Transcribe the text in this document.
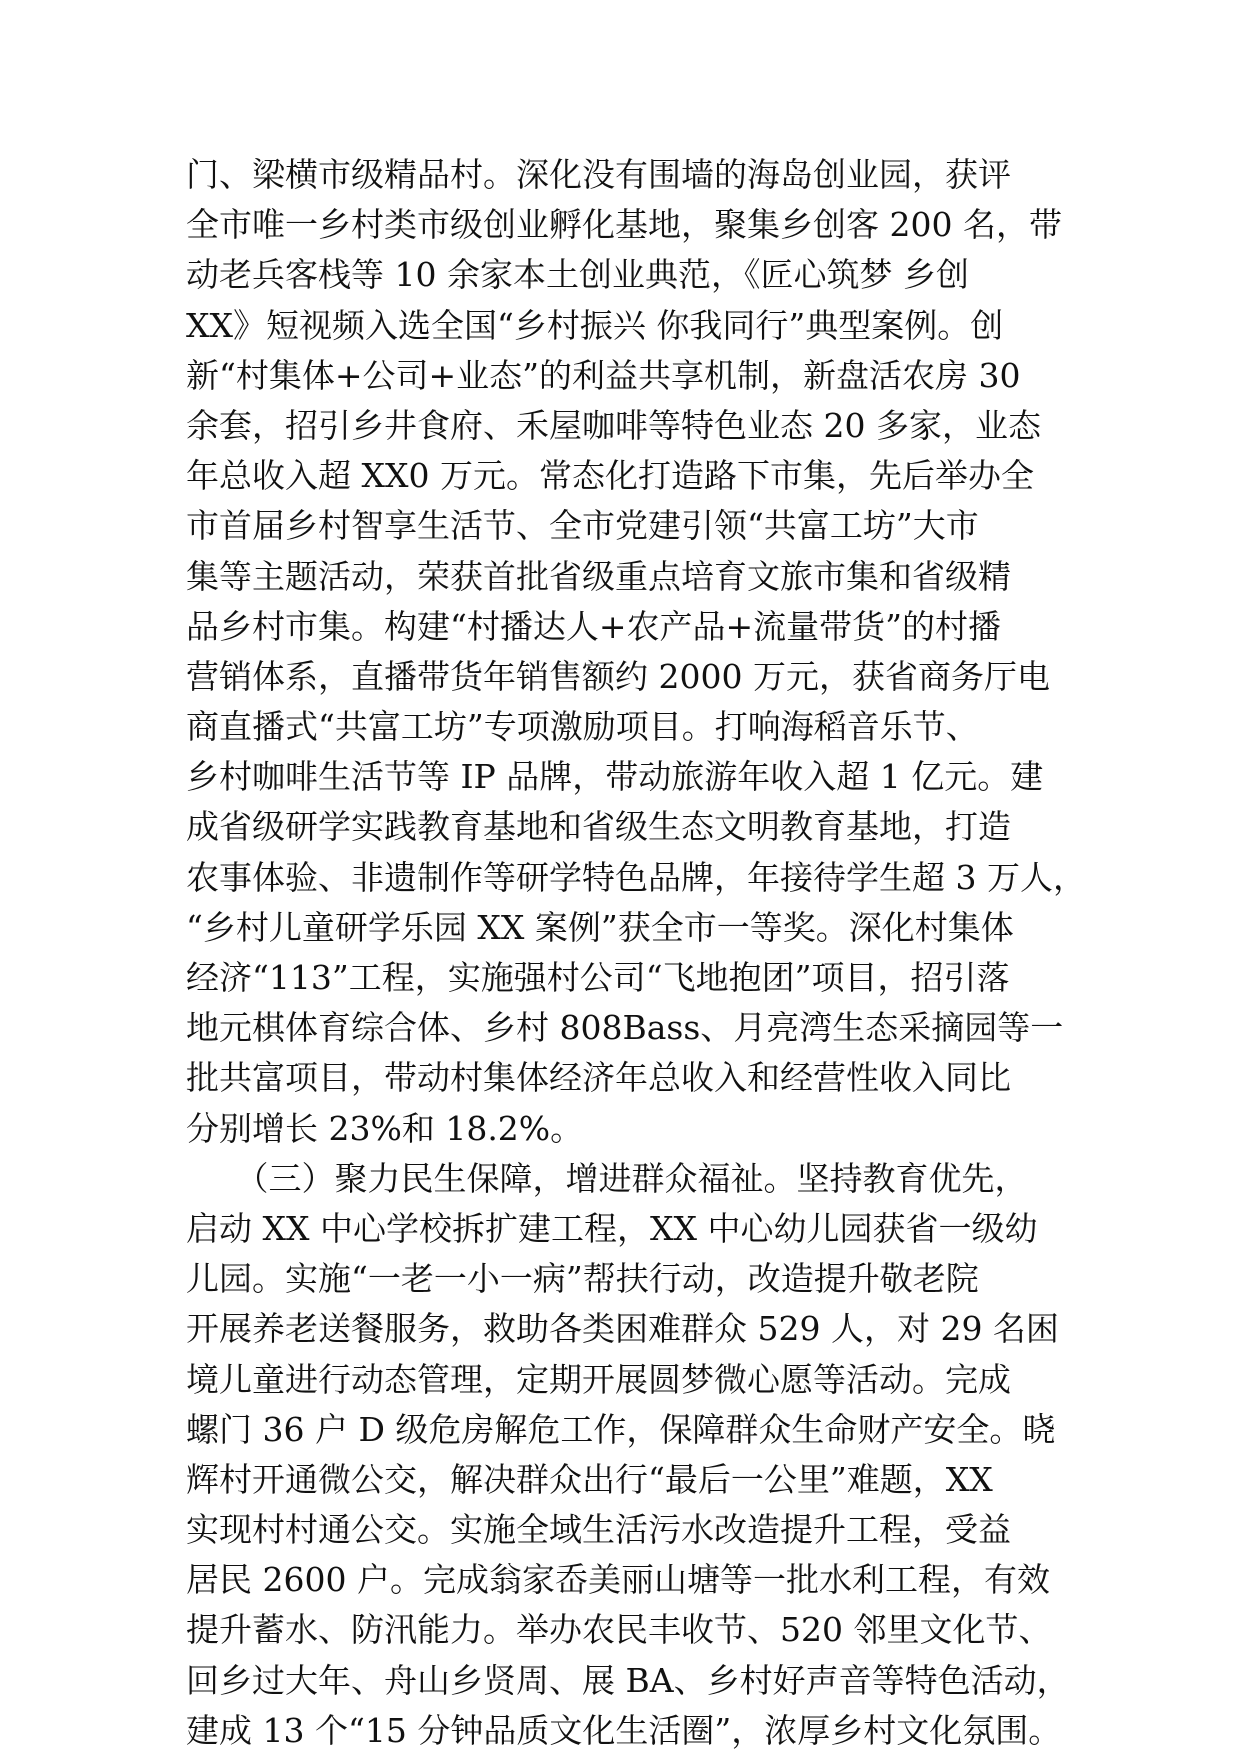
门、梁横市级精品村。深化没有围墙的海岛创业园，获评
全市唯一乡村类市级创业孵化基地，聚集乡创客 200 名，带
动老兵客栈等 10 余家本土创业典范，《匠心筑梦 乡创
XX》短视频入选全国“乡村振兴 你我同行”典型案例。创
新“村集体+公司+业态”的利益共享机制，新盘活农房 30
余套，招引乡井食府、禾屋咖啡等特色业态 20 多家，业态
年总收入超 XX0 万元。常态化打造路下市集，先后举办全
市首届乡村智享生活节、全市党建引领“共富工坊”大市
集等主题活动，荣获首批省级重点培育文旅市集和省级精
品乡村市集。构建“村播达人+农产品+流量带货”的村播
营销体系，直播带货年销售额约 2000 万元，获省商务厅电
商直播式“共富工坊”专项激励项目。打响海稻音乐节、
乡村咖啡生活节等 IP 品牌，带动旅游年收入超 1 亿元。建
成省级研学实践教育基地和省级生态文明教育基地，打造
农事体验、非遗制作等研学特色品牌，年接待学生超 3 万人，
“乡村儿童研学乐园 XX 案例”获全市一等奖。深化村集体
经济“113”工程，实施强村公司“飞地抱团”项目，招引落
地元棋体育综合体、乡村 808Bass、月亮湾生态采摘园等一
批共富项目，带动村集体经济年总收入和经营性收入同比
分别增长 23%和 18.2%。
　　（三）聚力民生保障，增进群众福祉。坚持教育优先，
启动 XX 中心学校拆扩建工程，XX 中心幼儿园获省一级幼
儿园。实施“一老一小一病”帮扶行动，改造提升敬老院
开展养老送餐服务，救助各类困难群众 529 人，对 29 名困
境儿童进行动态管理，定期开展圆梦微心愿等活动。完成
螺门 36 户 D 级危房解危工作，保障群众生命财产安全。晓
辉村开通微公交，解决群众出行“最后一公里”难题，XX
实现村村通公交。实施全域生活污水改造提升工程，受益
居民 2600 户。完成翁家岙美丽山塘等一批水利工程，有效
提升蓄水、防汛能力。举办农民丰收节、520 邻里文化节、
回乡过大年、舟山乡贤周、展 BA、乡村好声音等特色活动，
建成 13 个“15 分钟品质文化生活圈”，浓厚乡村文化氛围。
